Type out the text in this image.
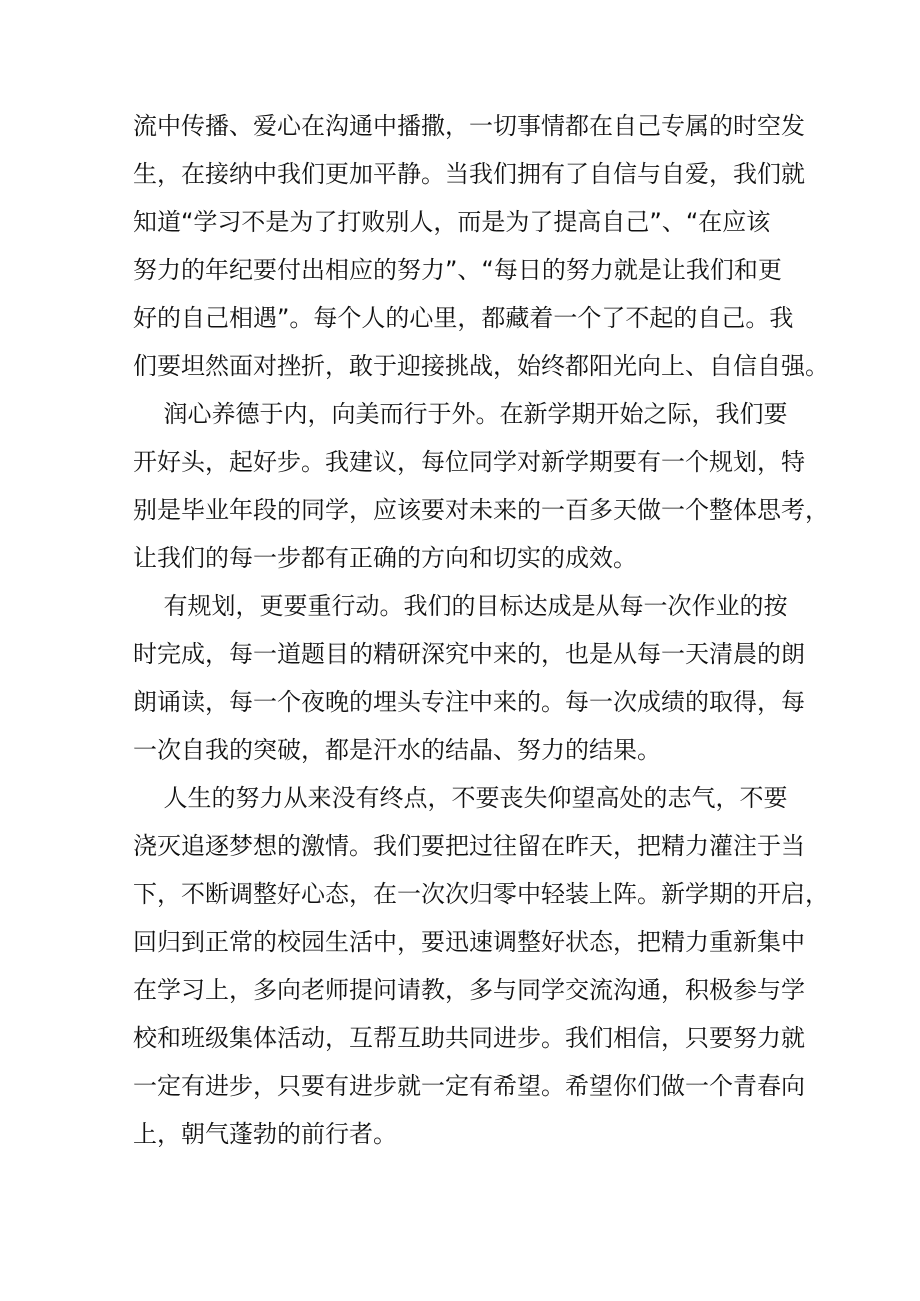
流中传播、爱心在沟通中播撒，一切事情都在自己专属的时空发
生，在接纳中我们更加平静。当我们拥有了自信与自爱，我们就
知道“学习不是为了打败别人，而是为了提高自己”、“在应该
努力的年纪要付出相应的努力”、“每日的努力就是让我们和更
好的自己相遇”。每个人的心里，都藏着一个了不起的自己。我
们要坦然面对挫折，敢于迎接挑战，始终都阳光向上、自信自强。
润心养德于内，向美而行于外。在新学期开始之际，我们要
开好头，起好步。我建议，每位同学对新学期要有一个规划，特
别是毕业年段的同学，应该要对未来的一百多天做一个整体思考，
让我们的每一步都有正确的方向和切实的成效。
有规划，更要重行动。我们的目标达成是从每一次作业的按
时完成，每一道题目的精研深究中来的，也是从每一天清晨的朗
朗诵读，每一个夜晚的埋头专注中来的。每一次成绩的取得，每
一次自我的突破，都是汗水的结晶、努力的结果。
人生的努力从来没有终点，不要丧失仰望高处的志气，不要
浇灭追逐梦想的激情。我们要把过往留在昨天，把精力灌注于当
下，不断调整好心态，在一次次归零中轻装上阵。新学期的开启，
回归到正常的校园生活中，要迅速调整好状态，把精力重新集中
在学习上，多向老师提问请教，多与同学交流沟通，积极参与学
校和班级集体活动，互帮互助共同进步。我们相信，只要努力就
一定有进步，只要有进步就一定有希望。希望你们做一个青春向
上，朝气蓬勃的前行者。
